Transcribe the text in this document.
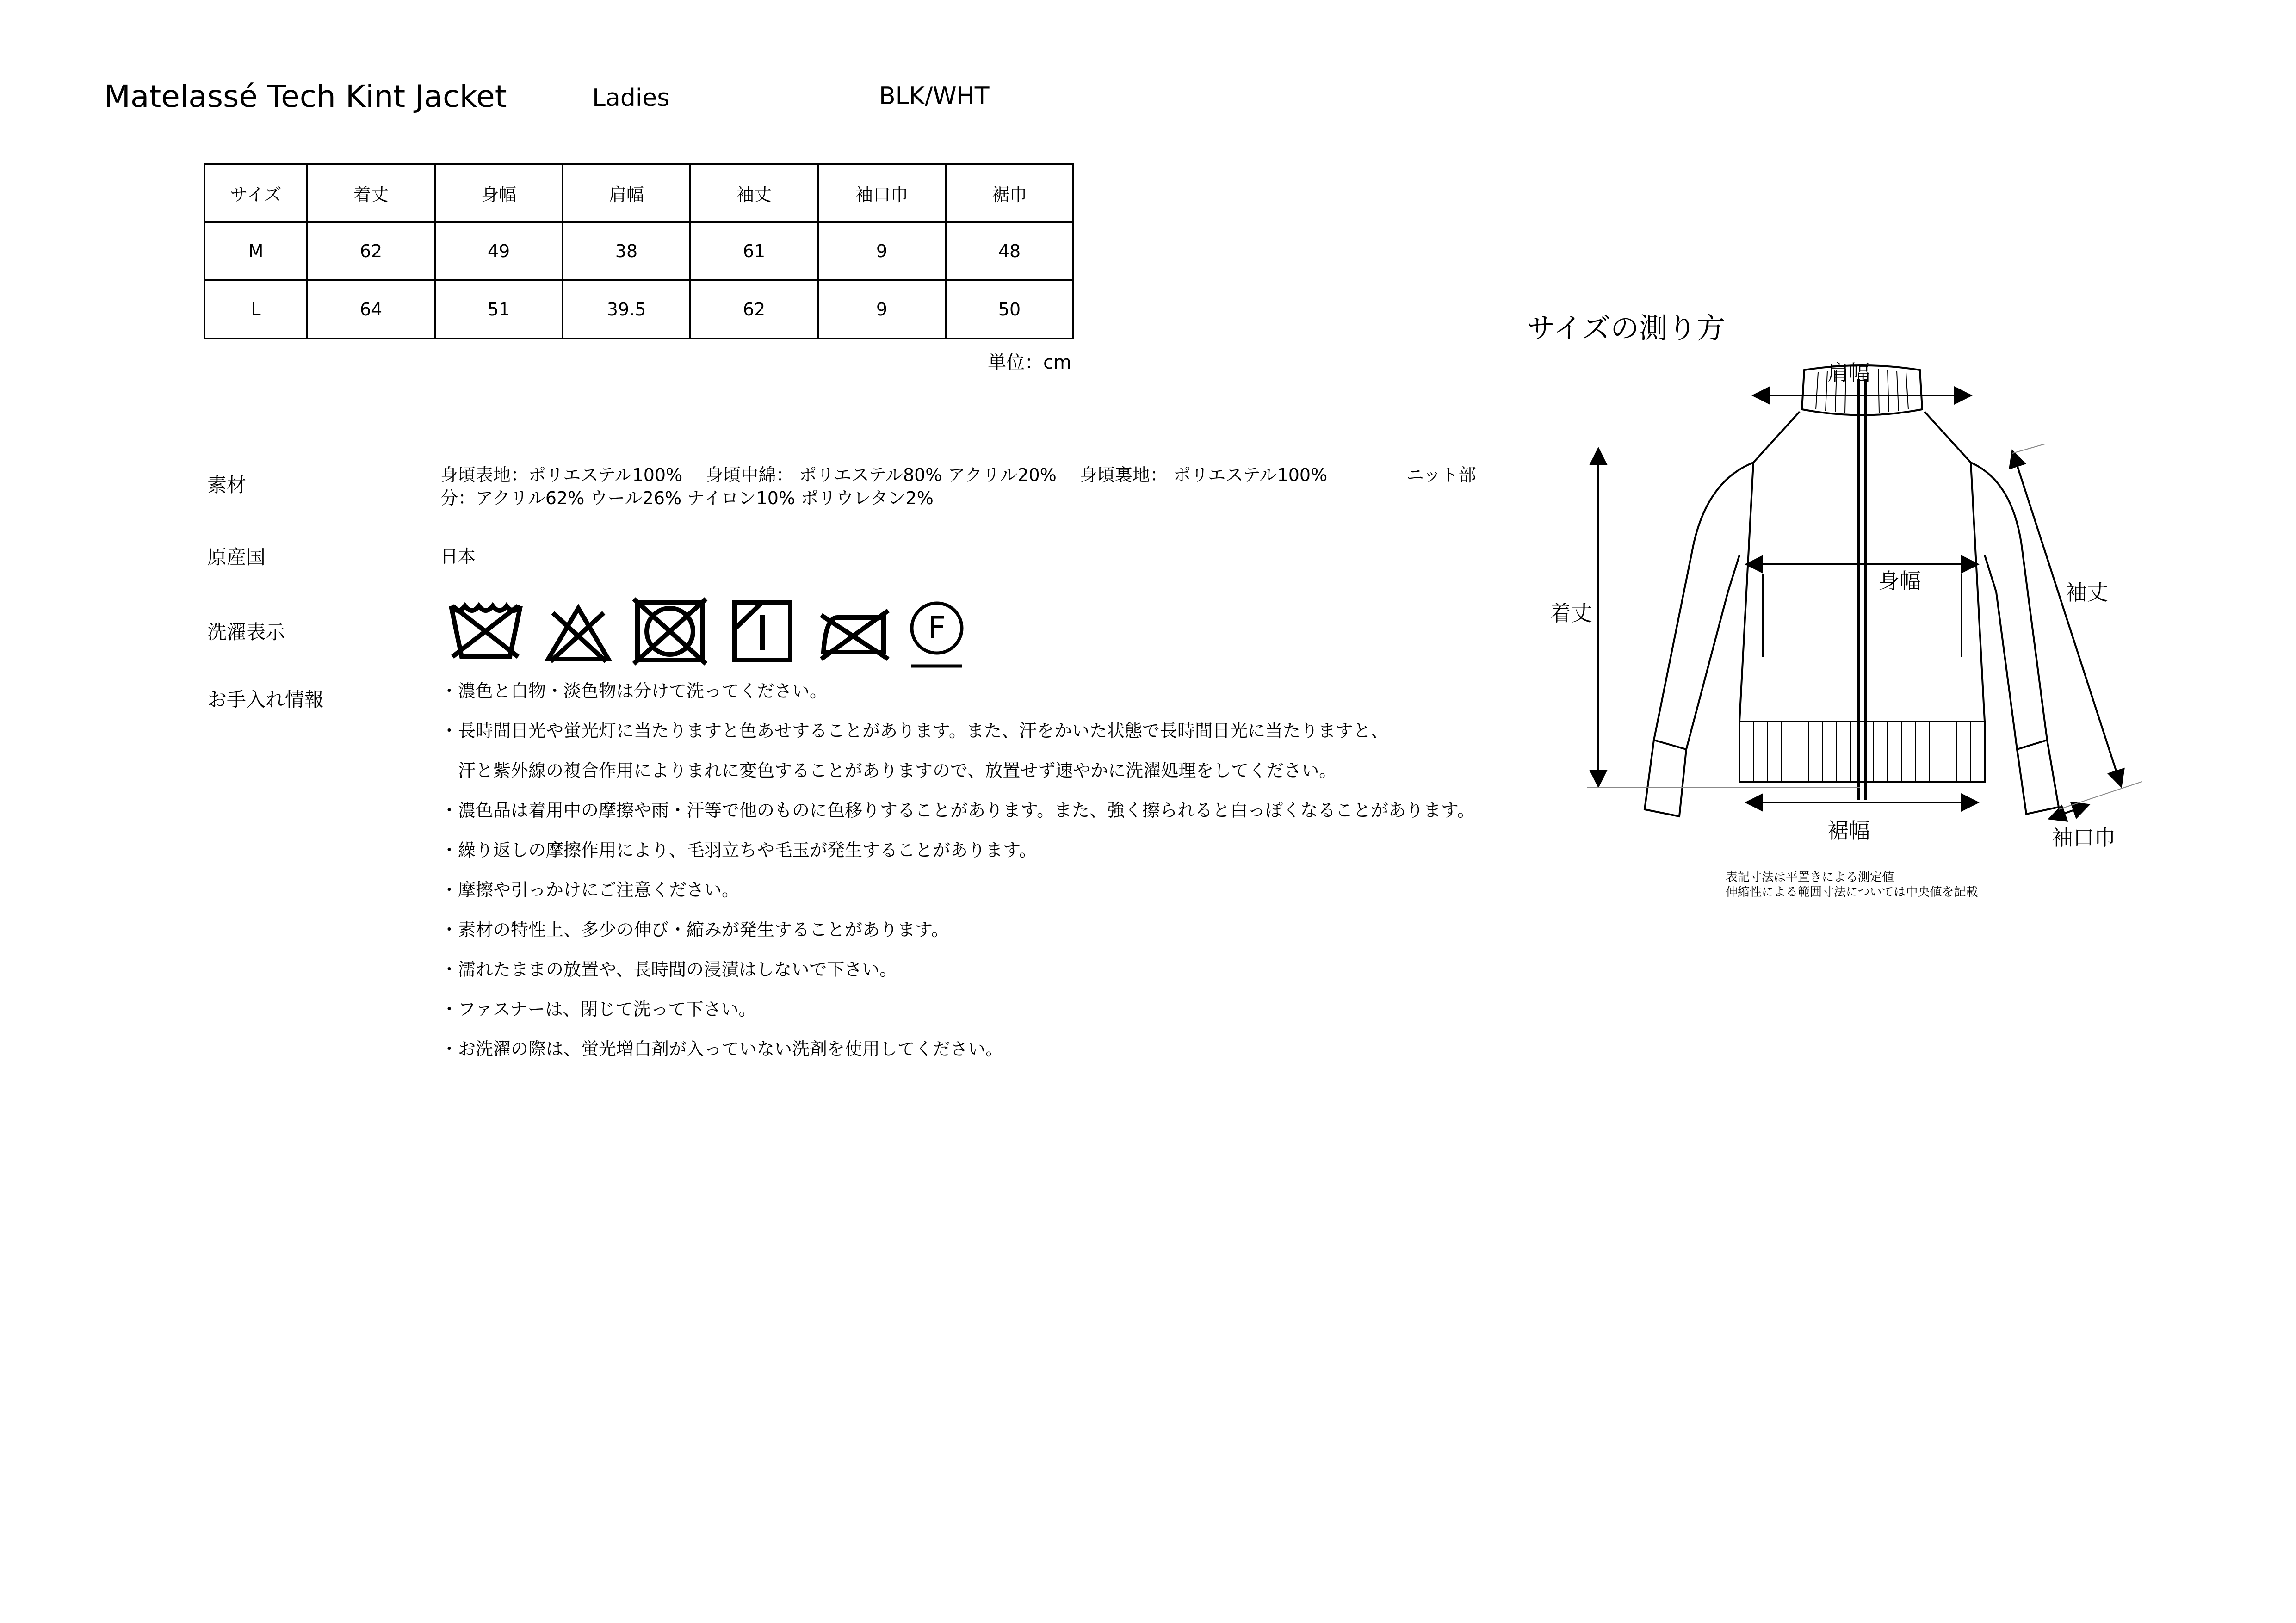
Matelassé Tech Kint Jacket	Ladies	BLK/WHT
サイズ	着丈	身幅	肩幅	袖丈	袖口巾	裾巾
M	62	49	38	61	9	48
L	64	51	39.5	62	9	50
単位：cm
素材	身頃表地：ポリエステル100%　 身頃中綿： ポリエステル80% アクリル20%　 身頃裏地： ポリエステル100%	ニット部
分：アクリル62% ウール26% ナイロン10% ポリウレタン2%
原産国	日本
洗濯表示	F
お手入れ情報	・濃色と白物・淡色物は分けて洗ってください。
・長時間日光や蛍光灯に当たりますと色あせすることがあります。また、汗をかいた状態で長時間日光に当たりますと、
　汗と紫外線の複合作用によりまれに変色することがありますので、放置せず速やかに洗濯処理をしてください。
・濃色品は着用中の摩擦や雨・汗等で他のものに色移りすることがあります。また、強く擦られると白っぽくなることがあります。
・繰り返しの摩擦作用により、毛羽立ちや毛玉が発生することがあります。
・摩擦や引っかけにご注意ください。
・素材の特性上、多少の伸び・縮みが発生することがあります。
・濡れたままの放置や、長時間の浸漬はしないで下さい。
・ファスナーは、閉じて洗って下さい。
・お洗濯の際は、蛍光増白剤が入っていない洗剤を使用してください。
サイズの測り方
肩幅
身幅
着丈
袖丈
裾幅	袖口巾
表記寸法は平置きによる測定値
伸縮性による範囲寸法については中央値を記載
